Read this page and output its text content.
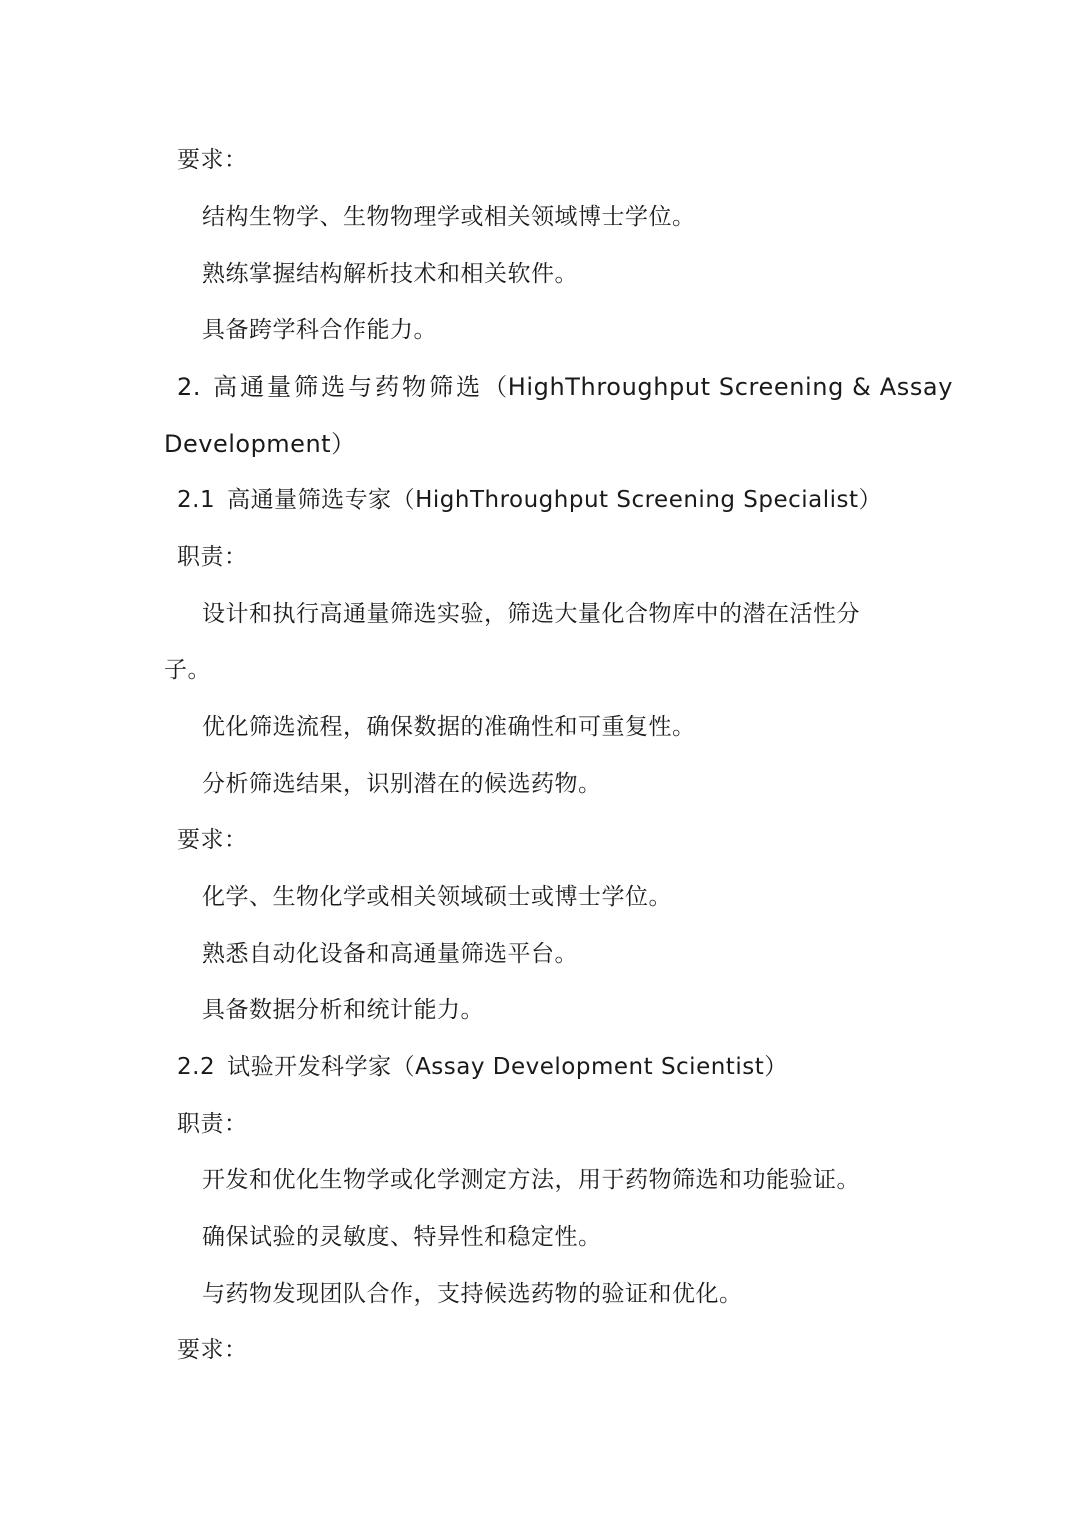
要求：
结构生物学、生物物理学或相关领域博士学位。
熟练掌握结构解析技术和相关软件。
具备跨学科合作能力。
2. 高通量筛选与药物筛选（HighThroughput Screening & Assay
Development）
2.1 高通量筛选专家（HighThroughput Screening Specialist）
职责：
设计和执行高通量筛选实验，筛选大量化合物库中的潜在活性分
子。
优化筛选流程，确保数据的准确性和可重复性。
分析筛选结果，识别潜在的候选药物。
要求：
化学、生物化学或相关领域硕士或博士学位。
熟悉自动化设备和高通量筛选平台。
具备数据分析和统计能力。
2.2 试验开发科学家（Assay Development Scientist）
职责：
开发和优化生物学或化学测定方法，用于药物筛选和功能验证。
确保试验的灵敏度、特异性和稳定性。
与药物发现团队合作，支持候选药物的验证和优化。
要求：
